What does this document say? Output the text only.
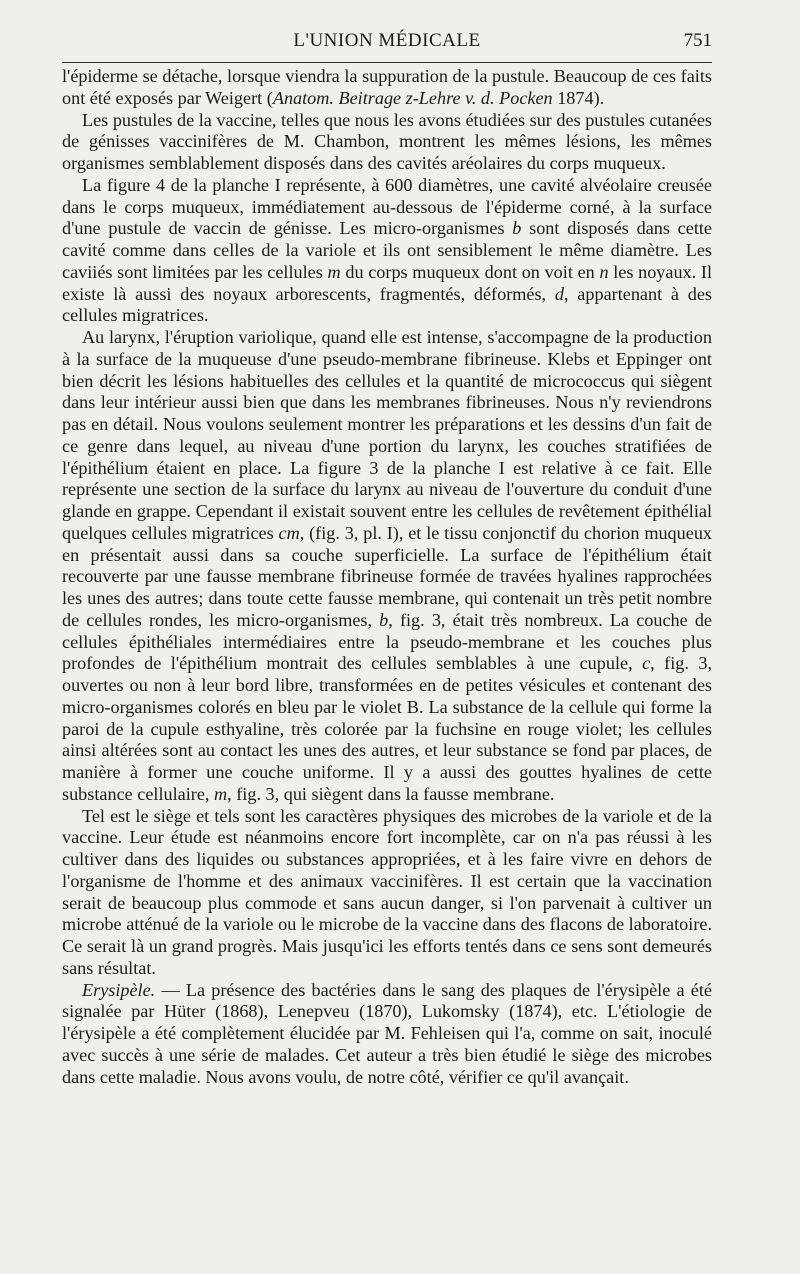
L'UNION MÉDICALE	751

l'épiderme se détache, lorsque viendra la suppuration de la pustule. Beaucoup de ces faits ont été exposés par Weigert (Anatom. Beitrage z-Lehre v. d. Pocken 1874).

Les pustules de la vaccine, telles que nous les avons étudiées sur des pustules cutanées de génisses vaccinifères de M. Chambon, montrent les mêmes lésions, les mêmes organismes semblablement disposés dans des cavités aréolaires du corps muqueux.

La figure 4 de la planche I représente, à 600 diamètres, une cavité alvéolaire creusée dans le corps muqueux, immédiatement au-dessous de l'épiderme corné, à la surface d'une pustule de vaccin de génisse. Les micro-organismes b sont disposés dans cette cavité comme dans celles de la variole et ils ont sensiblement le même diamètre. Les caviiés sont limitées par les cellules m du corps muqueux dont on voit en n les noyaux. Il existe là aussi des noyaux arborescents, fragmentés, déformés, d, appartenant à des cellules migratrices.

Au larynx, l'éruption variolique, quand elle est intense, s'accompagne de la production à la surface de la muqueuse d'une pseudo-membrane fibrineuse. Klebs et Eppinger ont bien décrit les lésions habituelles des cellules et la quantité de micrococcus qui siègent dans leur intérieur aussi bien que dans les membranes fibrineuses. Nous n'y reviendrons pas en détail. Nous voulons seulement montrer les préparations et les dessins d'un fait de ce genre dans lequel, au niveau d'une portion du larynx, les couches stratifiées de l'épithélium étaient en place. La figure 3 de la planche I est relative à ce fait. Elle représente une section de la surface du larynx au niveau de l'ouverture du conduit d'une glande en grappe. Cependant il existait souvent entre les cellules de revêtement épithélial quelques cellules migratrices cm, (fig. 3, pl. I), et le tissu conjonctif du chorion muqueux en présentait aussi dans sa couche superficielle. La surface de l'épithélium était recouverte par une fausse membrane fibrineuse formée de travées hyalines rapprochées les unes des autres; dans toute cette fausse membrane, qui contenait un très petit nombre de cellules rondes, les micro-organismes, b, fig. 3, était très nombreux. La couche de cellules épithéliales intermédiaires entre la pseudo-membrane et les couches plus profondes de l'épithélium montrait des cellules semblables à une cupule, c, fig. 3, ouvertes ou non à leur bord libre, transformées en de petites vésicules et contenant des micro-organismes colorés en bleu par le violet B. La substance de la cellule qui forme la paroi de la cupule esthyaline, très colorée par la fuchsine en rouge violet; les cellules ainsi altérées sont au contact les unes des autres, et leur substance se fond par places, de manière à former une couche uniforme. Il y a aussi des gouttes hyalines de cette substance cellulaire, m, fig. 3, qui siègent dans la fausse membrane.

Tel est le siège et tels sont les caractères physiques des microbes de la variole et de la vaccine. Leur étude est néanmoins encore fort incomplète, car on n'a pas réussi à les cultiver dans des liquides ou substances appropriées, et à les faire vivre en dehors de l'organisme de l'homme et des animaux vaccinifères. Il est certain que la vaccination serait de beaucoup plus commode et sans aucun danger, si l'on parvenait à cultiver un microbe atténué de la variole ou le microbe de la vaccine dans des flacons de laboratoire. Ce serait là un grand progrès. Mais jusqu'ici les efforts tentés dans ce sens sont demeurés sans résultat.

Erysipèle. — La présence des bactéries dans le sang des plaques de l'érysipèle a été signalée par Hüter (1868), Lenepveu (1870), Lukomsky (1874), etc. L'étiologie de l'érysipèle a été complètement élucidée par M. Fehleisen qui l'a, comme on sait, inoculé avec succès à une série de malades. Cet auteur a très bien étudié le siège des microbes dans cette maladie. Nous avons voulu, de notre côté, vérifier ce qu'il avançait.
